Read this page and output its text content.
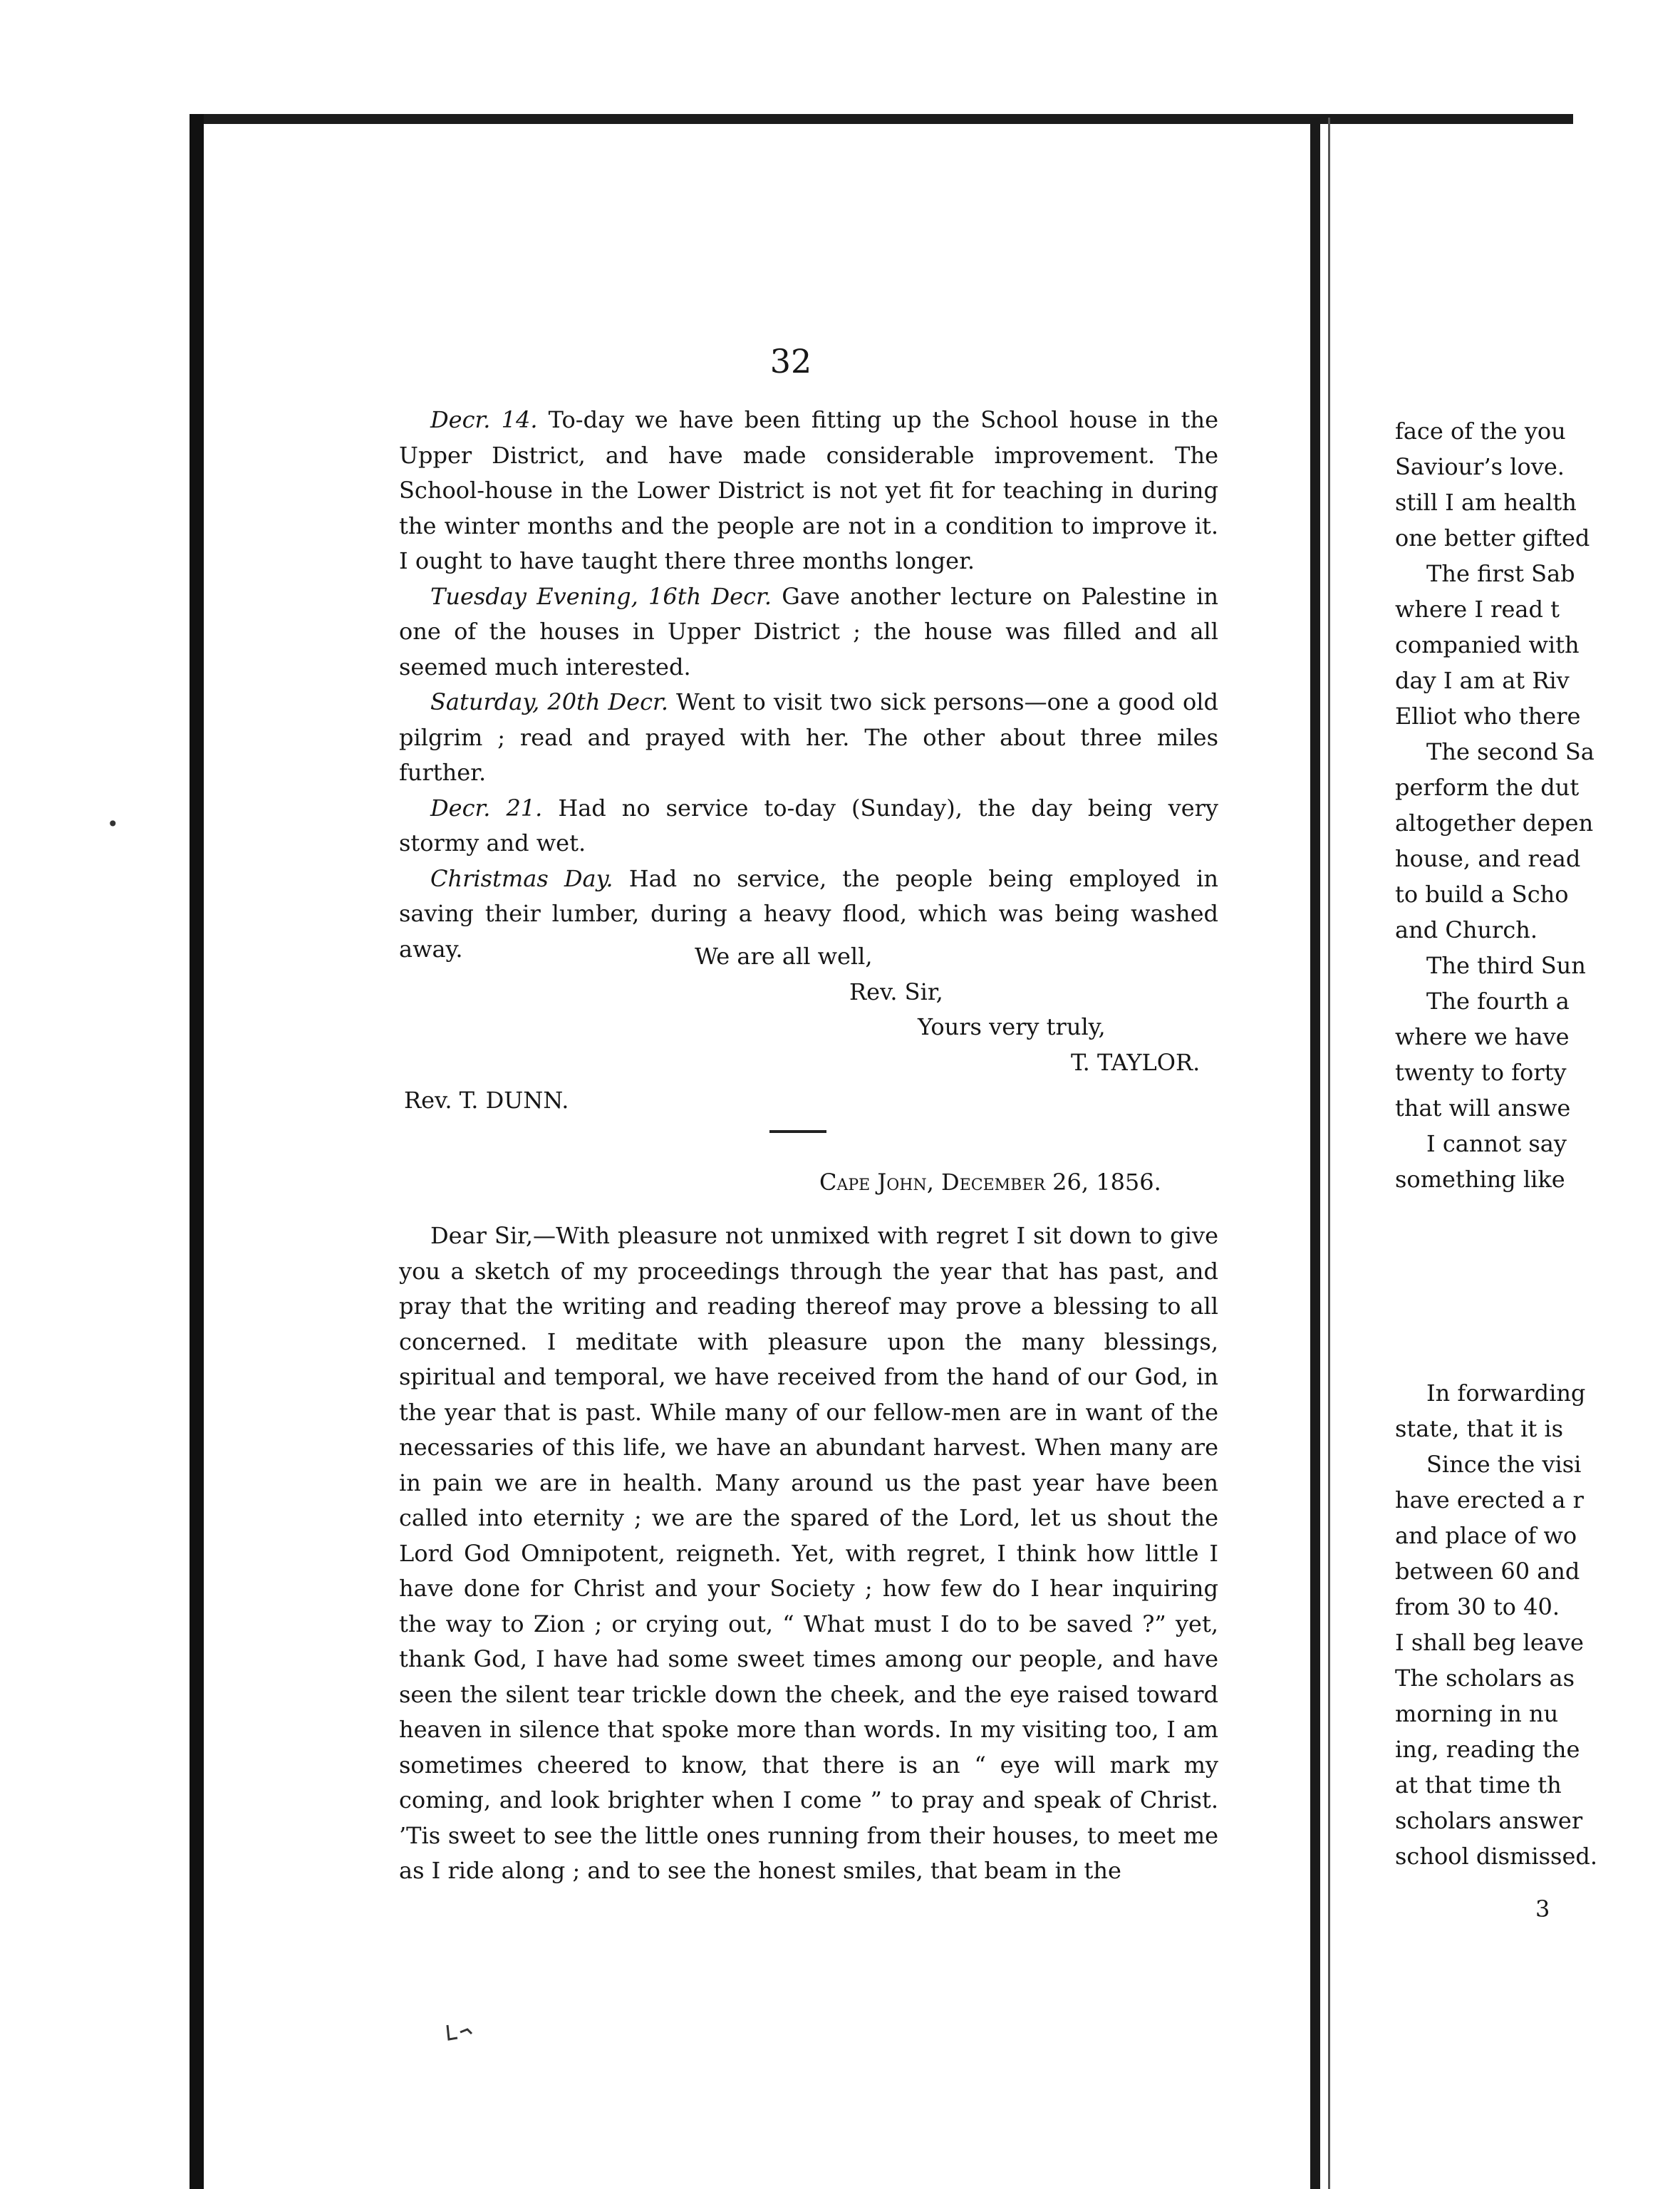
32

Decr. 14. To-day we have been fitting up the School house in the Upper District, and have made considerable improvement. The School-house in the Lower District is not yet fit for teaching in during the winter months and the people are not in a condition to improve it. I ought to have taught there three months longer.

Tuesday Evening, 16th Decr. Gave another lecture on Palestine in one of the houses in Upper District ; the house was filled and all seemed much interested.

Saturday, 20th Decr. Went to visit two sick persons—one a good old pilgrim ; read and prayed with her. The other about three miles further.

Decr. 21. Had no service to-day (Sunday), the day being very stormy and wet.

Christmas Day. Had no service, the people being employed in saving their lumber, during a heavy flood, which was being washed away.	We are all well,
Rev. Sir,
Yours very truly,
T. TAYLOR.
Rev. T. DUNN.
Cape John, December 26, 1856.

Dear Sir,—With pleasure not unmixed with regret I sit down to give you a sketch of my proceedings through the year that has past, and pray that the writing and reading thereof may prove a blessing to all concerned. I meditate with pleasure upon the many blessings, spiritual and temporal, we have received from the hand of our God, in the year that is past. While many of our fellow-men are in want of the necessaries of this life, we have an abundant harvest. When many are in pain we are in health. Many around us the past year have been called into eternity ; we are the spared of the Lord, let us shout the Lord God Omnipotent, reigneth. Yet, with regret, I think how little I have done for Christ and your Society ; how few do I hear inquiring the way to Zion ; or crying out, “ What must I do to be saved ?” yet, thank God, I have had some sweet times among our people, and have seen the silent tear trickle down the cheek, and the eye raised toward heaven in silence that spoke more than words. In my visiting too, I am sometimes cheered to know, that there is an “ eye will mark my coming, and look brighter when I come ” to pray and speak of Christ. ’Tis sweet to see the little ones running from their houses, to meet me as I ride along ; and to see the honest smiles, that beam in the

face of the you
Saviour’s love.
still I am health
one better gifted
The first Sab
where I read t
companied with
day I am at Riv
Elliot who there
The second Sa
perform the dut
altogether depen
house, and read
to build a Scho
and Church.
The third Sun
The fourth a
where we have
twenty to forty
that will answe
I cannot say
something like
In forwarding
state, that it is
Since the visi
have erected a r
and place of wo
between 60 and
from 30 to 40.
I shall beg leave
The scholars as
morning in nu
ing, reading the
at that time th
scholars answer
school dismissed.
3
•
